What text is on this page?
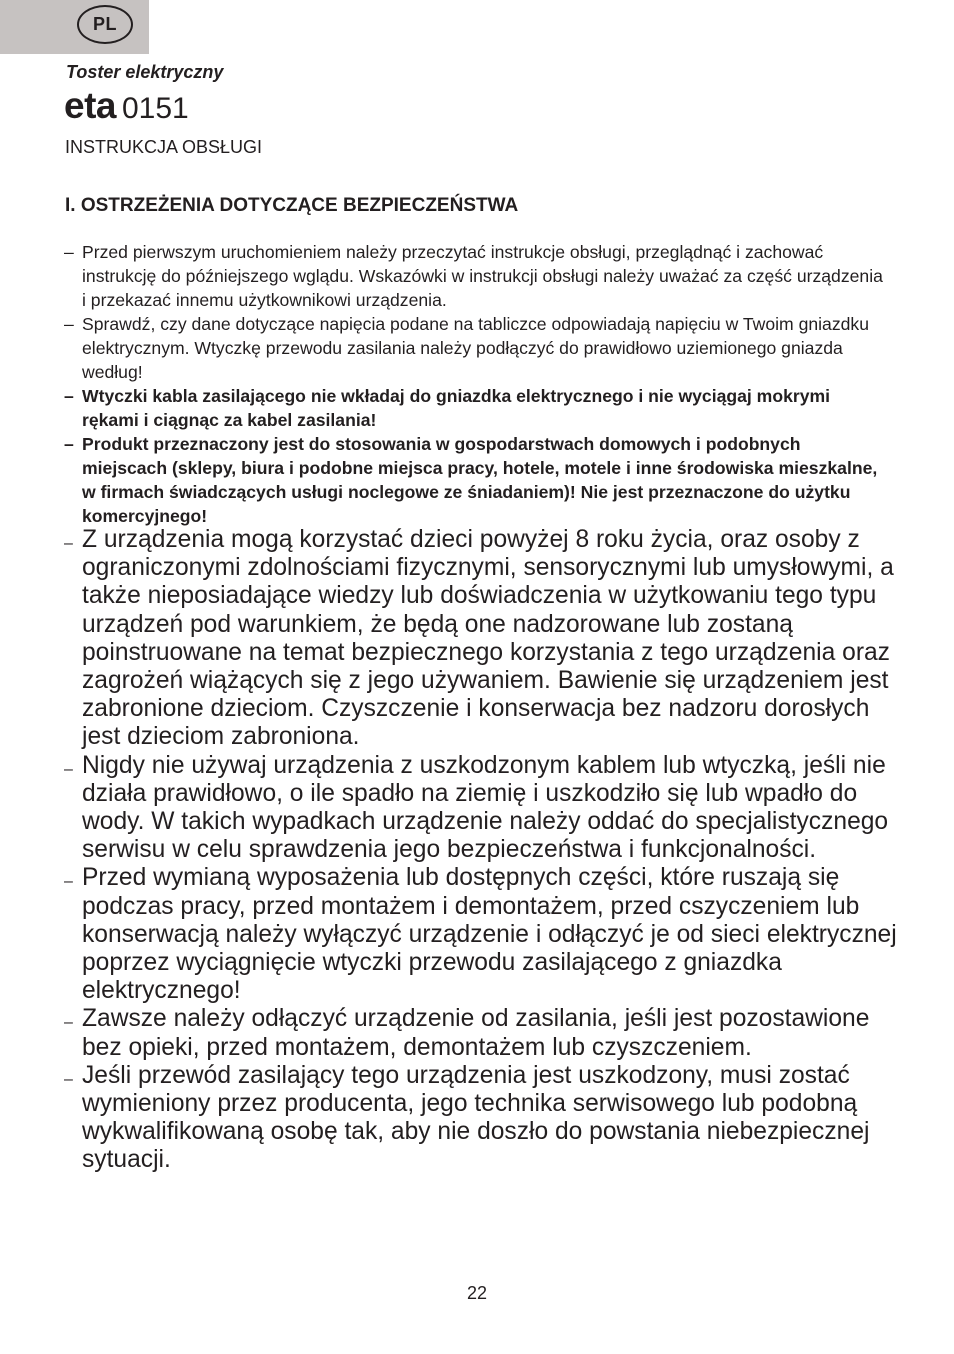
PL
Toster elektryczny
eta 0151
INSTRUKCJA OBSŁUGI
I. OSTRZEŻENIA DOTYCZĄCE BEZPIECZEŃSTWA
– Przed pierwszym uruchomieniem należy przeczytać instrukcje obsługi, przeglądnąć i zachować instrukcję do późniejszego wglądu. Wskazówki w instrukcji obsługi należy uważać za część urządzenia i przekazać innemu użytkownikowi urządzenia.
– Sprawdź, czy dane dotyczące napięcia podane na tabliczce odpowiadają napięciu w Twoim gniazdku elektrycznym. Wtyczkę przewodu zasilania należy podłączyć do prawidłowo uziemionego gniazda według!
– Wtyczki kabla zasilającego nie wkładaj do gniazdka elektrycznego i nie wyciągaj mokrymi rękami i ciągnąc za kabel zasilania!
– Produkt przeznaczony jest do stosowania w gospodarstwach domowych i podobnych miejscach (sklepy, biura i podobne miejsca pracy, hotele, motele i inne środowiska mieszkalne, w firmach świadczących usługi noclegowe ze śniadaniem)! Nie jest przeznaczone do użytku komercyjnego!
– Z urządzenia mogą korzystać dzieci powyżej 8 roku życia, oraz osoby z ograniczonymi zdolnościami fizycznymi, sensorycznymi lub umysłowymi, a także nieposiadające wiedzy lub doświadczenia w użytkowaniu tego typu urządzeń pod warunkiem, że będą one nadzorowane lub zostaną poinstruowane na temat bezpiecznego korzystania z tego urządzenia oraz zagrożeń wiążących się z jego używaniem. Bawienie się urządzeniem jest zabronione dzieciom. Czyszczenie i konserwacja bez nadzoru dorosłych jest dzieciom zabroniona.
– Nigdy nie używaj urządzenia z uszkodzonym kablem lub wtyczką, jeśli nie działa prawidłowo, o ile spadło na ziemię i uszkodziło się lub wpadło do wody. W takich wypadkach urządzenie należy oddać do specjalistycznego serwisu w celu sprawdzenia jego bezpieczeństwa i funkcjonalności.
– Przed wymianą wyposażenia lub dostępnych części, które ruszają się podczas pracy, przed montażem i demontażem, przed cszyczeniem lub konserwacją należy wyłączyć urządzenie i odłączyć je od sieci elektrycznej poprzez wyciągnięcie wtyczki przewodu zasilającego z gniazdka elektrycznego!
– Zawsze należy odłączyć urządzenie od zasilania, jeśli jest pozostawione bez opieki, przed montażem, demontażem lub czyszczeniem.
– Jeśli przewód zasilający tego urządzenia jest uszkodzony, musi zostać wymieniony przez producenta, jego technika serwisowego lub podobną wykwalifikowaną osobę tak, aby nie doszło do powstania niebezpiecznej sytuacji.
22
